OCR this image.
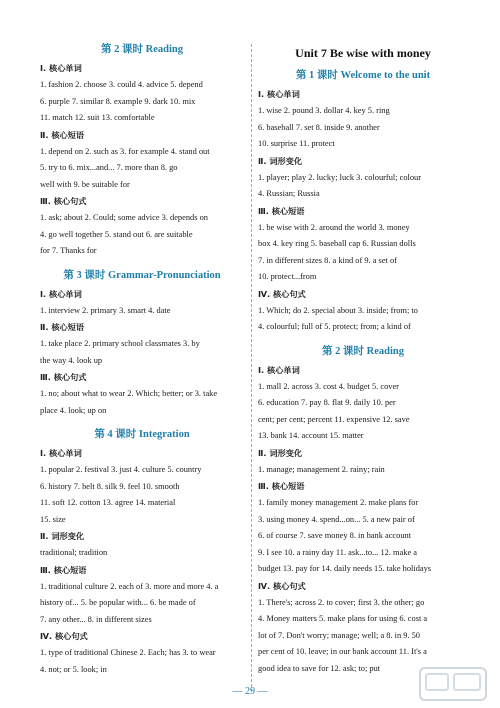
第 2 课时 Reading
Ⅰ. 核心单词
1. fashion 2. choose 3. could 4. advice 5. depend
6. purple 7. similar 8. example 9. dark 10. mix
11. match 12. suit 13. comfortable
Ⅱ. 核心短语
1. depend on 2. such as 3. for example 4. stand out
5. try to 6. mix...and... 7. more than 8. go
well with 9. be suitable for
Ⅲ. 核心句式
1. ask; about 2. Could; some advice 3. depends on
4. go well together 5. stand out 6. are suitable
for 7. Thanks for
第 3 课时 Grammar-Pronunciation
Ⅰ. 核心单词
1. interview 2. primary 3. smart 4. date
Ⅱ. 核心短语
1. take place 2. primary school classmates 3. by
the way 4. look up
Ⅲ. 核心句式
1. no; about what to wear 2. Which; better; or 3. take
place 4. look; up on
第 4 课时 Integration
Ⅰ. 核心单词
1. popular 2. festival 3. just 4. culture 5. country
6. history 7. belt 8. silk 9. feel 10. smooth
11. soft 12. cotton 13. agree 14. material
15. size
Ⅱ. 词形变化
traditional; tradition
Ⅲ. 核心短语
1. traditional culture 2. each of 3. more and more 4. a
history of... 5. be popular with... 6. be made of
7. any other... 8. in different sizes
Ⅳ. 核心句式
1. type of traditional Chinese 2. Each; has 3. to wear
4. not; or 5. look; in
Unit 7 Be wise with money
第 1 课时 Welcome to the unit
Ⅰ. 核心单词
1. wise 2. pound 3. dollar 4. key 5. ring
6. baseball 7. set 8. inside 9. another
10. surprise 11. protect
Ⅱ. 词形变化
1. player; play 2. lucky; luck 3. colourful; colour
4. Russian; Russia
Ⅲ. 核心短语
1. be wise with 2. around the world 3. money
box 4. key ring 5. baseball cap 6. Russian dolls
7. in different sizes 8. a kind of 9. a set of
10. protect...from
Ⅳ. 核心句式
1. Which; do 2. special about 3. inside; from; to
4. colourful; full of 5. protect; from; a kind of
第 2 课时 Reading
Ⅰ. 核心单词
1. mall 2. across 3. cost 4. budget 5. cover
6. education 7. pay 8. flat 9. daily 10. per
cent; per cent; percent 11. expensive 12. save
13. bank 14. account 15. matter
Ⅱ. 词形变化
1. manage; management 2. rainy; rain
Ⅲ. 核心短语
1. family money management 2. make plans for
3. using money 4. spend...on... 5. a new pair of
6. of course 7. save money 8. in bank account
9. I see 10. a rainy day 11. ask...to... 12. make a
budget 13. pay for 14. daily needs 15. take holidays
Ⅳ. 核心句式
1. There's; across 2. to cover; first 3. the other; go
4. Money matters 5. make plans for using 6. cost a
lot of 7. Don't worry; manage; well; a 8. in 9. 50
per cent of 10. leave; in our bank account 11. It's a
good idea to save for 12. ask; to; put
— 29 —
